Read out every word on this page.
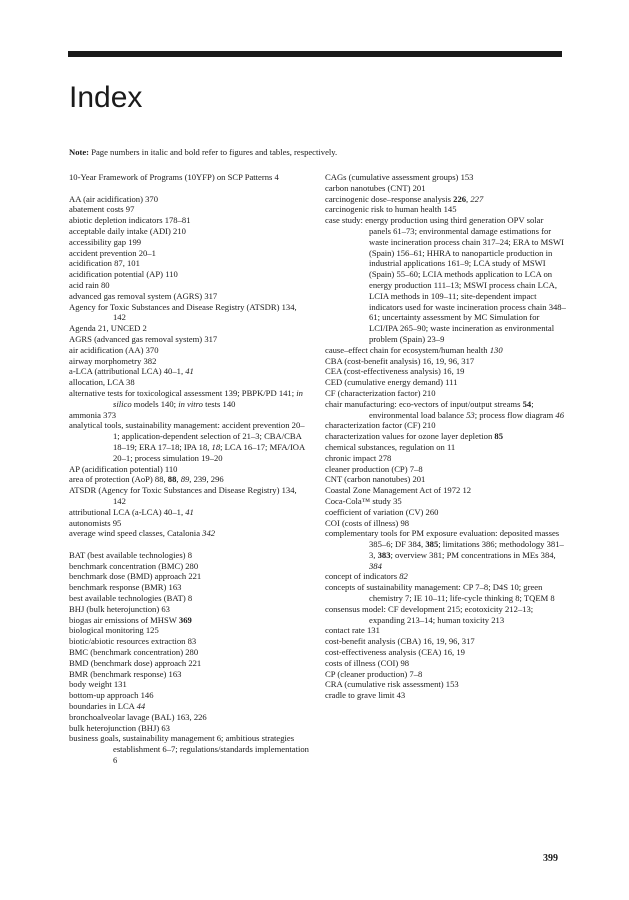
Index
Note: Page numbers in italic and bold refer to figures and tables, respectively.
10-Year Framework of Programs (10YFP) on SCP Patterns 4
AA (air acidification) 370
abatement costs 97
abiotic depletion indicators 178–81
acceptable daily intake (ADI) 210
accessibility gap 199
accident prevention 20–1
acidification 87, 101
acidification potential (AP) 110
acid rain 80
advanced gas removal system (AGRS) 317
Agency for Toxic Substances and Disease Registry (ATSDR) 134, 142
Agenda 21, UNCED 2
AGRS (advanced gas removal system) 317
air acidification (AA) 370
airway morphometry 382
a-LCA (attributional LCA) 40–1, 41
allocation, LCA 38
alternative tests for toxicological assessment 139; PBPK/PD 141; in silico models 140; in vitro tests 140
ammonia 373
analytical tools, sustainability management: accident prevention 20–1; application-dependent selection of 21–3; CBA/CBA 18–19; ERA 17–18; IPA 18, 18; LCA 16–17; MFA/IOA 20–1; process simulation 19–20
AP (acidification potential) 110
area of protection (AoP) 88, 88, 89, 239, 296
ATSDR (Agency for Toxic Substances and Disease Registry) 134, 142
attributional LCA (a-LCA) 40–1, 41
autonomists 95
average wind speed classes, Catalonia 342
BAT (best available technologies) 8
benchmark concentration (BMC) 280
benchmark dose (BMD) approach 221
benchmark response (BMR) 163
best available technologies (BAT) 8
BHJ (bulk heterojunction) 63
biogas air emissions of MHSW 369
biological monitoring 125
biotic/abiotic resources extraction 83
BMC (benchmark concentration) 280
BMD (benchmark dose) approach 221
BMR (benchmark response) 163
body weight 131
bottom-up approach 146
boundaries in LCA 44
bronchoalveolar lavage (BAL) 163, 226
bulk heterojunction (BHJ) 63
business goals, sustainability management 6; ambitious strategies establishment 6–7; regulations/standards implementation 6
CAGs (cumulative assessment groups) 153
carbon nanotubes (CNT) 201
carcinogenic dose–response analysis 226, 227
carcinogenic risk to human health 145
case study: energy production using third generation OPV solar panels 61–73; environmental damage estimations for waste incineration process chain 317–24; ERA to MSWI (Spain) 156–61; HHRA to nanoparticle production in industrial applications 161–9; LCA study of MSWI (Spain) 55–60; LCIA methods application to LCA on energy production 111–13; MSWI process chain LCA, LCIA methods in 109–11; site-dependent impact indicators used for waste incineration process chain 348–61; uncertainty assessment by MC Simulation for LCI/IPA 265–90; waste incineration as environmental problem (Spain) 23–9
cause–effect chain for ecosystem/human health 130
CBA (cost-benefit analysis) 16, 19, 96, 317
CEA (cost-effectiveness analysis) 16, 19
CED (cumulative energy demand) 111
CF (characterization factor) 210
chair manufacturing: eco-vectors of input/output streams 54; environmental load balance 53; process flow diagram 46
characterization factor (CF) 210
characterization values for ozone layer depletion 85
chemical substances, regulation on 11
chronic impact 278
cleaner production (CP) 7–8
CNT (carbon nanotubes) 201
Coastal Zone Management Act of 1972 12
Coca-Cola™ study 35
coefficient of variation (CV) 260
COI (costs of illness) 98
complementary tools for PM exposure evaluation: deposited masses 385–6; DF 384, 385; limitations 386; methodology 381–3, 383; overview 381; PM concentrations in MEs 384, 384
concept of indicators 82
concepts of sustainability management: CP 7–8; D4S 10; green chemistry 7; IE 10–11; life-cycle thinking 8; TQEM 8
consensus model: CF development 215; ecotoxicity 212–13; expanding 213–14; human toxicity 213
contact rate 131
cost-benefit analysis (CBA) 16, 19, 96, 317
cost-effectiveness analysis (CEA) 16, 19
costs of illness (COI) 98
CP (cleaner production) 7–8
CRA (cumulative risk assessment) 153
cradle to grave limit 43
399
